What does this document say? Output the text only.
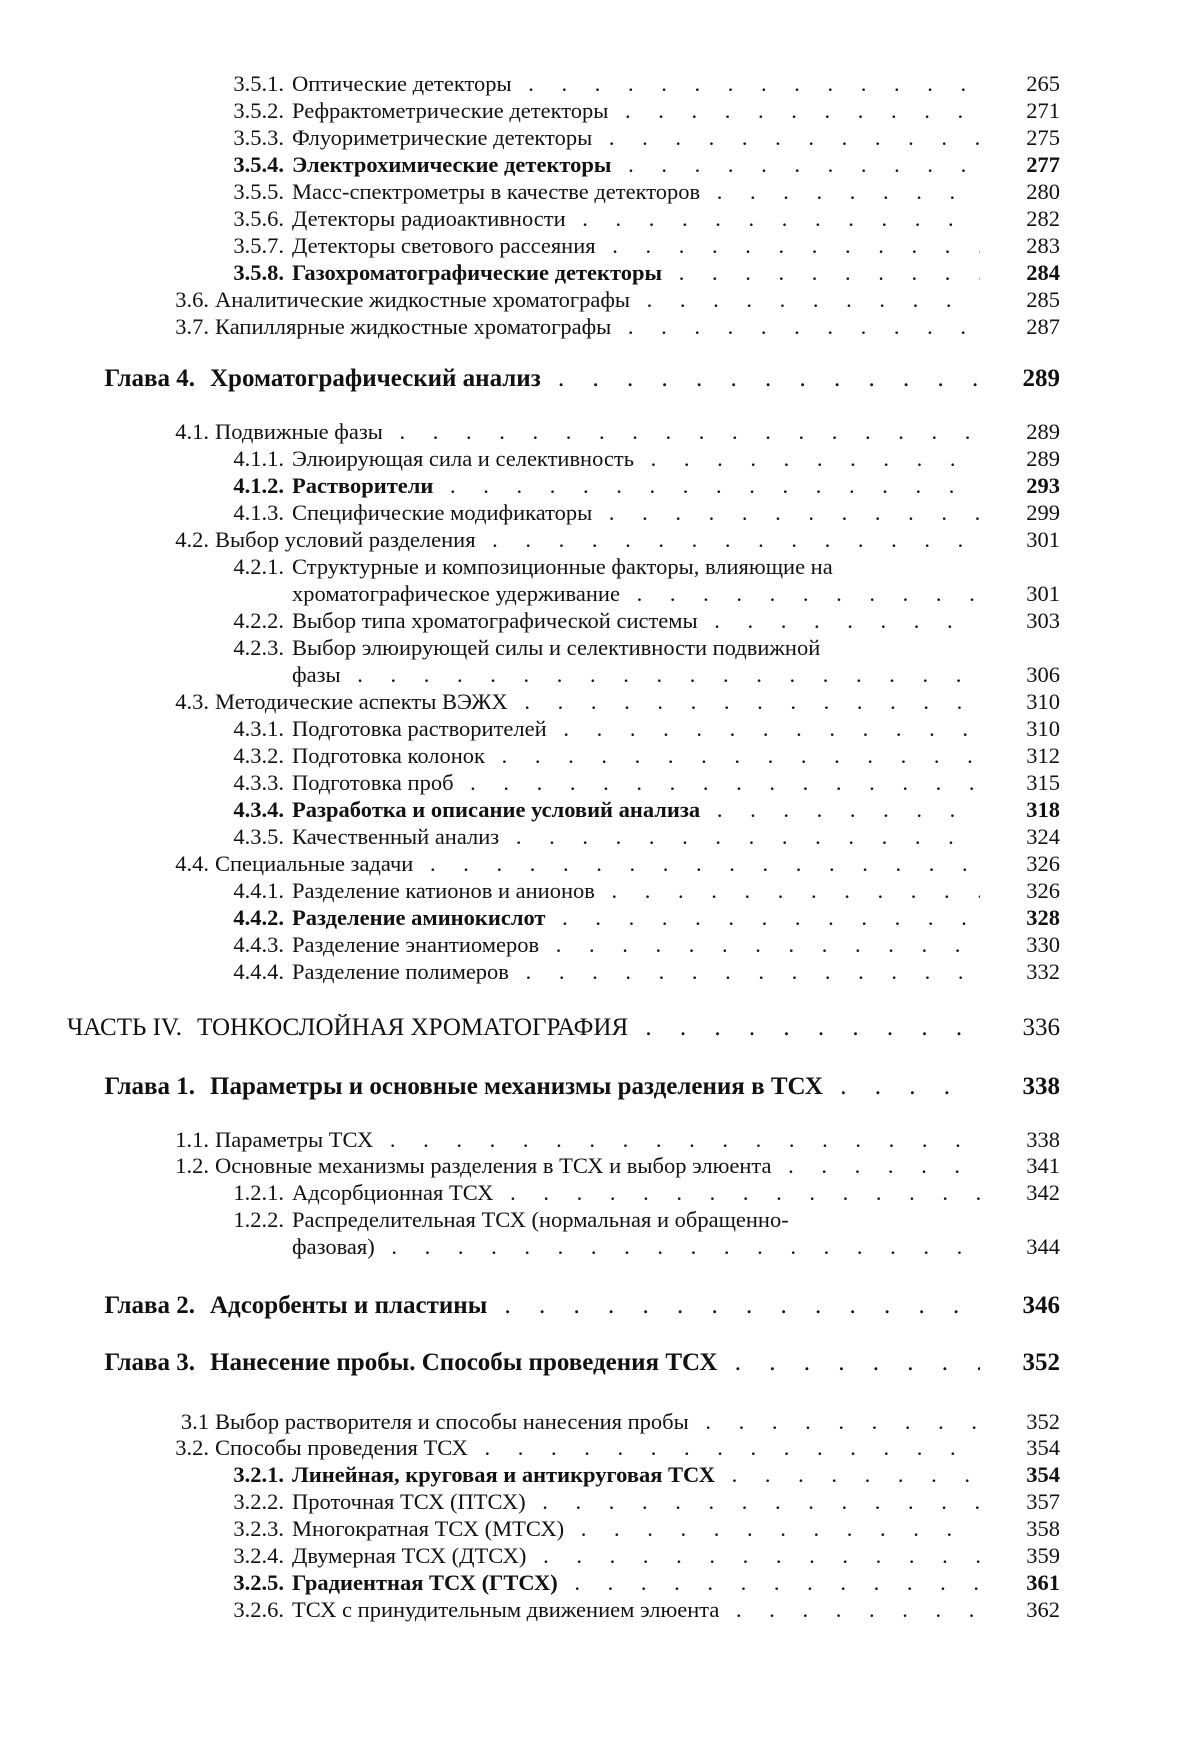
3.5.1. Оптические детекторы . . .	265
3.5.2. Рефрактометрические детекторы . . .	271
3.5.3. Флуориметрические детекторы . . .	275
3.5.4. Электрохимические детекторы . . .	277
3.5.5. Масс-спектрометры в качестве детекторов . . .	280
3.5.6. Детекторы радиоактивности . . .	282
3.5.7. Детекторы светового рассеяния . . .	283
3.5.8. Газохроматографические детекторы . . .	284
3.6. Аналитические жидкостные хроматографы . . .	285
3.7. Капиллярные жидкостные хроматографы . . .	287
Глава 4. Хроматографический анализ . . .	289
4.1. Подвижные фазы . . .	289
4.1.1. Элюирующая сила и селективность . . .	289
4.1.2. Растворители . . .	293
4.1.3. Специфические модификаторы . . .	299
4.2. Выбор условий разделения . . .	301
4.2.1. Структурные и композиционные факторы, влияющие на
хроматографическое удерживание . . .	301
4.2.2. Выбор типа хроматографической системы . . .	303
4.2.3. Выбор элюирующей силы и селективности подвижной
фазы . . .	306
4.3. Методические аспекты ВЭЖХ . . .	310
4.3.1. Подготовка растворителей . . .	310
4.3.2. Подготовка колонок . . .	312
4.3.3. Подготовка проб . . .	315
4.3.4. Разработка и описание условий анализа . . .	318
4.3.5. Качественный анализ . . .	324
4.4. Специальные задачи . . .	326
4.4.1. Разделение катионов и анионов . . .	326
4.4.2. Разделение аминокислот . . .	328
4.4.3. Разделение энантиомеров . . .	330
4.4.4. Разделение полимеров . . .	332
ЧАСТЬ IV. ТОНКОСЛОЙНАЯ ХРОМАТОГРАФИЯ . . .	336
Глава 1. Параметры и основные механизмы разделения в ТСХ . . .	338
1.1. Параметры ТСХ . . .	338
1.2. Основные механизмы разделения в ТСХ и выбор элюента . . .	341
1.2.1. Адсорбционная ТСХ . . .	342
1.2.2. Распределительная ТСХ (нормальная и обращенно-
фазовая) . . .	344
Глава 2. Адсорбенты и пластины . . .	346
Глава 3. Нанесение пробы. Способы проведения ТСХ . . .	352
3.1 Выбор растворителя и способы нанесения пробы . . .	352
3.2. Способы проведения ТСХ . . .	354
3.2.1. Линейная, круговая и антикруговая ТСХ . . .	354
3.2.2. Проточная ТСХ (ПТСХ) . . .	357
3.2.3. Многократная ТСХ (МТСХ) . . .	358
3.2.4. Двумерная ТСХ (ДТСХ) . . .	359
3.2.5. Градиентная ТСХ (ГТСХ) . . .	361
3.2.6. ТСХ с принудительным движением элюента . . .	362
